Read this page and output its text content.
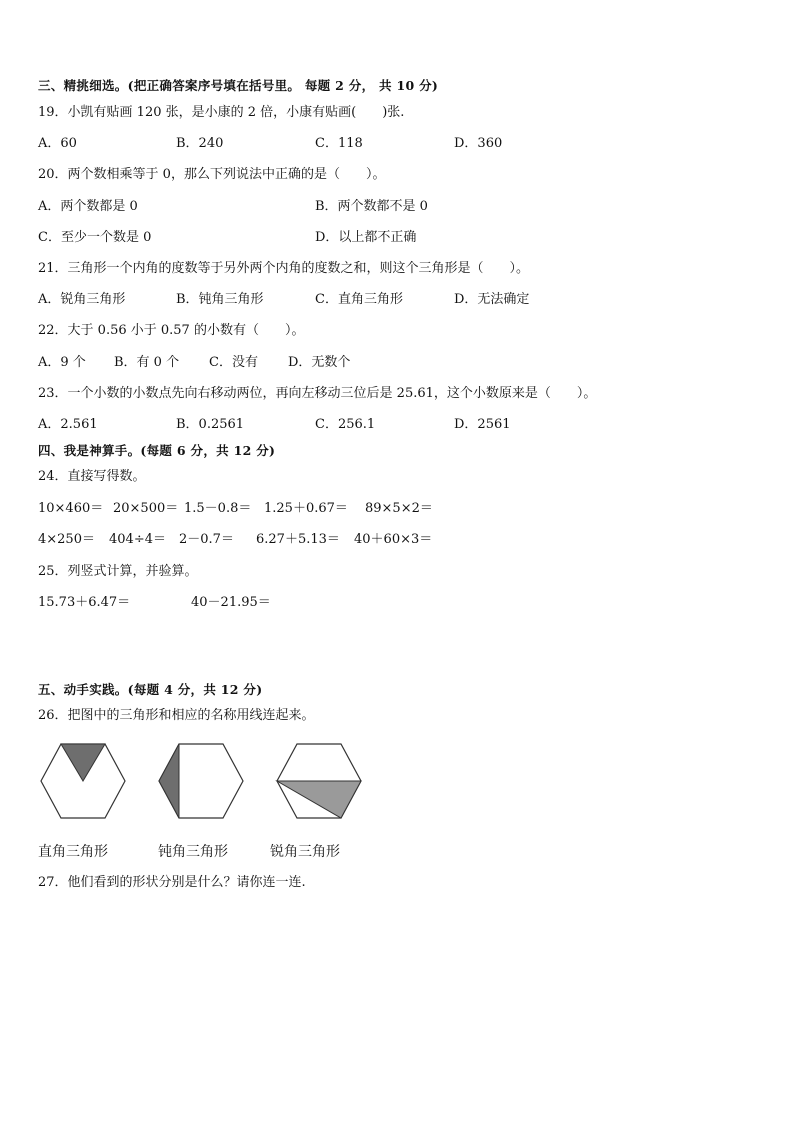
三、精挑细选。(把正确答案序号填在括号里。 每题 2 分， 共 10 分)
19．小凯有贴画 120 张，是小康的 2 倍，小康有贴画(　　)张.
A．60	B．240	C．118	D．360
20．两个数相乘等于 0，那么下列说法中正确的是（　　）。
A．两个数都是 0	B．两个数都不是 0
C．至少一个数是 0	D．以上都不正确
21．三角形一个内角的度数等于另外两个内角的度数之和，则这个三角形是（　　）。
A．锐角三角形	B．钝角三角形	C．直角三角形	D．无法确定
22．大于 0.56 小于 0.57 的小数有（　　）。
A．9 个 B．有 0 个 C．没有 D．无数个
23．一个小数的小数点先向右移动两位，再向左移动三位后是 25.61，这个小数原来是（　　）。
A．2.561	B．0.2561	C．256.1	D．2561
四、我是神算手。(每题 6 分，共 12 分)
24．直接写得数。
10×460＝ 20×500＝ 1.5－0.8＝ 1.25＋0.67＝ 89×5×2＝
4×250＝ 404÷4＝ 2－0.7＝ 6.27＋5.13＝ 40＋60×3＝
25．列竖式计算，并验算。
15.73＋6.47＝	40－21.95＝
五、动手实践。(每题 4 分，共 12 分)
26．把图中的三角形和相应的名称用线连起来。
直角三角形	钝角三角形	锐角三角形
27．他们看到的形状分别是什么？请你连一连.
